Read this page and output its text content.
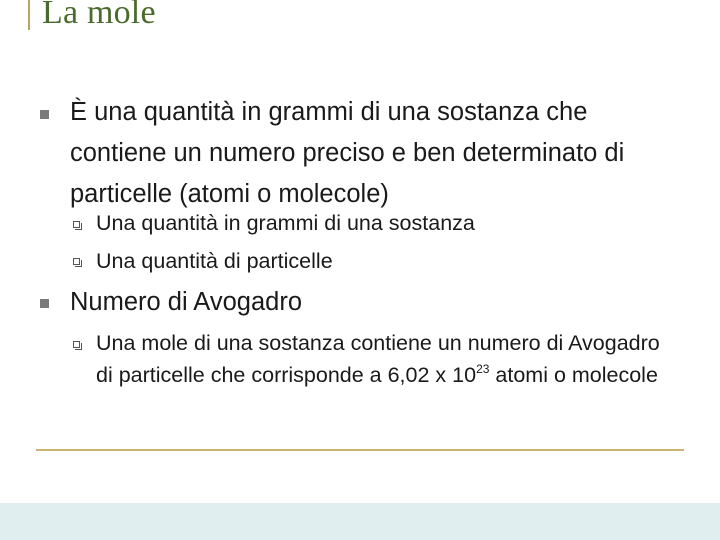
La mole
È una quantità in grammi di una sostanza che contiene un numero preciso e ben determinato di particelle (atomi o molecole)
Una quantità in grammi di una sostanza
Una quantità di particelle
Numero di Avogadro
Una mole di una sostanza contiene un numero di Avogadro di particelle che corrisponde a 6,02 x $10^{23}$ atomi o molecole
